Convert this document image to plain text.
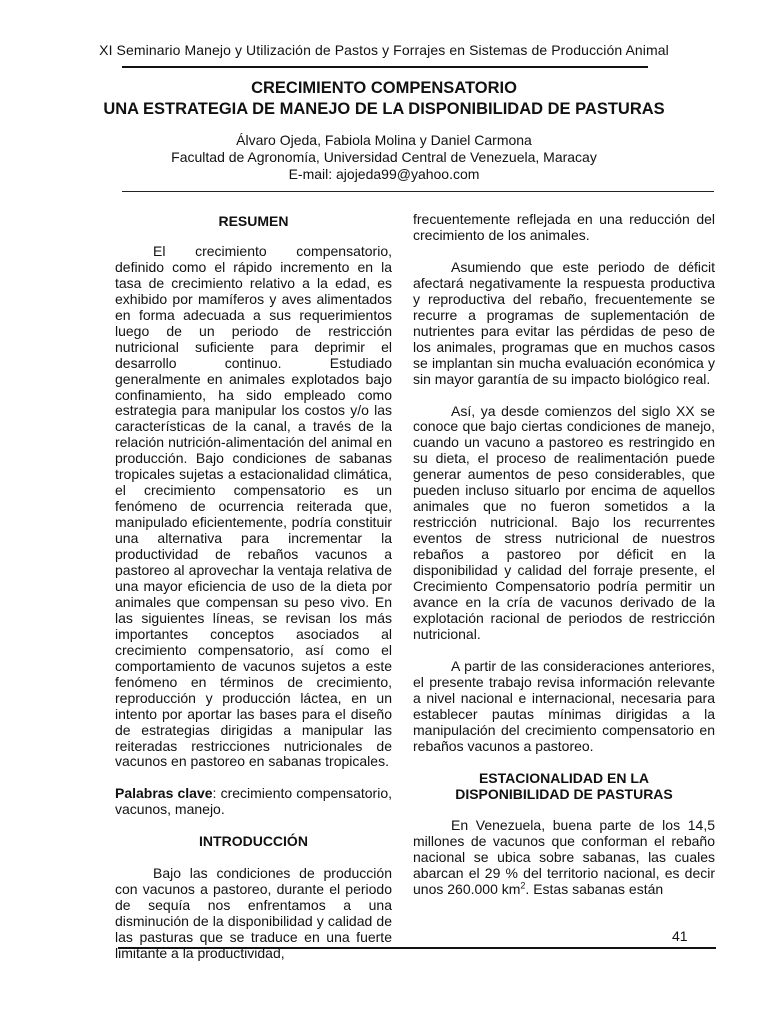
XI Seminario Manejo y Utilización de Pastos y Forrajes en Sistemas de Producción Animal
CRECIMIENTO COMPENSATORIO
UNA ESTRATEGIA DE MANEJO DE LA DISPONIBILIDAD DE PASTURAS
Álvaro Ojeda, Fabiola Molina y Daniel Carmona
Facultad de Agronomía, Universidad Central de Venezuela, Maracay
E-mail: ajojeda99@yahoo.com
RESUMEN

El crecimiento compensatorio, definido como el rápido incremento en la tasa de crecimiento relativo a la edad, es exhibido por mamíferos y aves alimentados en forma adecuada a sus requerimientos luego de un periodo de restricción nutricional suficiente para deprimir el desarrollo continuo. Estudiado generalmente en animales explotados bajo confinamiento, ha sido empleado como estrategia para manipular los costos y/o las características de la canal, a través de la relación nutrición-alimentación del animal en producción. Bajo condiciones de sabanas tropicales sujetas a estacionalidad climática, el crecimiento compensatorio es un fenómeno de ocurrencia reiterada que, manipulado eficientemente, podría constituir una alternativa para incrementar la productividad de rebaños vacunos a pastoreo al aprovechar la ventaja relativa de una mayor eficiencia de uso de la dieta por animales que compensan su peso vivo. En las siguientes líneas, se revisan los más importantes conceptos asociados al crecimiento compensatorio, así como el comportamiento de vacunos sujetos a este fenómeno en términos de crecimiento, reproducción y producción láctea, en un intento por aportar las bases para el diseño de estrategias dirigidas a manipular las reiteradas restricciones nutricionales de vacunos en pastoreo en sabanas tropicales.

Palabras clave: crecimiento compensatorio, vacunos, manejo.

INTRODUCCIÓN

Bajo las condiciones de producción con vacunos a pastoreo, durante el periodo de sequía nos enfrentamos a una disminución de la disponibilidad y calidad de las pasturas que se traduce en una fuerte limitante a la productividad,

frecuentemente reflejada en una reducción del crecimiento de los animales.

Asumiendo que este periodo de déficit afectará negativamente la respuesta productiva y reproductiva del rebaño, frecuentemente se recurre a programas de suplementación de nutrientes para evitar las pérdidas de peso de los animales, programas que en muchos casos se implantan sin mucha evaluación económica y sin mayor garantía de su impacto biológico real.

Así, ya desde comienzos del siglo XX se conoce que bajo ciertas condiciones de manejo, cuando un vacuno a pastoreo es restringido en su dieta, el proceso de realimentación puede generar aumentos de peso considerables, que pueden incluso situarlo por encima de aquellos animales que no fueron sometidos a la restricción nutricional. Bajo los recurrentes eventos de stress nutricional de nuestros rebaños a pastoreo por déficit en la disponibilidad y calidad del forraje presente, el Crecimiento Compensatorio podría permitir un avance en la cría de vacunos derivado de la explotación racional de periodos de restricción nutricional.

A partir de las consideraciones anteriores, el presente trabajo revisa información relevante a nivel nacional e internacional, necesaria para establecer pautas mínimas dirigidas a la manipulación del crecimiento compensatorio en rebaños vacunos a pastoreo.

ESTACIONALIDAD EN LA
DISPONIBILIDAD DE PASTURAS

En Venezuela, buena parte de los 14,5 millones de vacunos que conforman el rebaño nacional se ubica sobre sabanas, las cuales abarcan el 29 % del territorio nacional, es decir unos 260.000 $km^2$. Estas sabanas están

41
